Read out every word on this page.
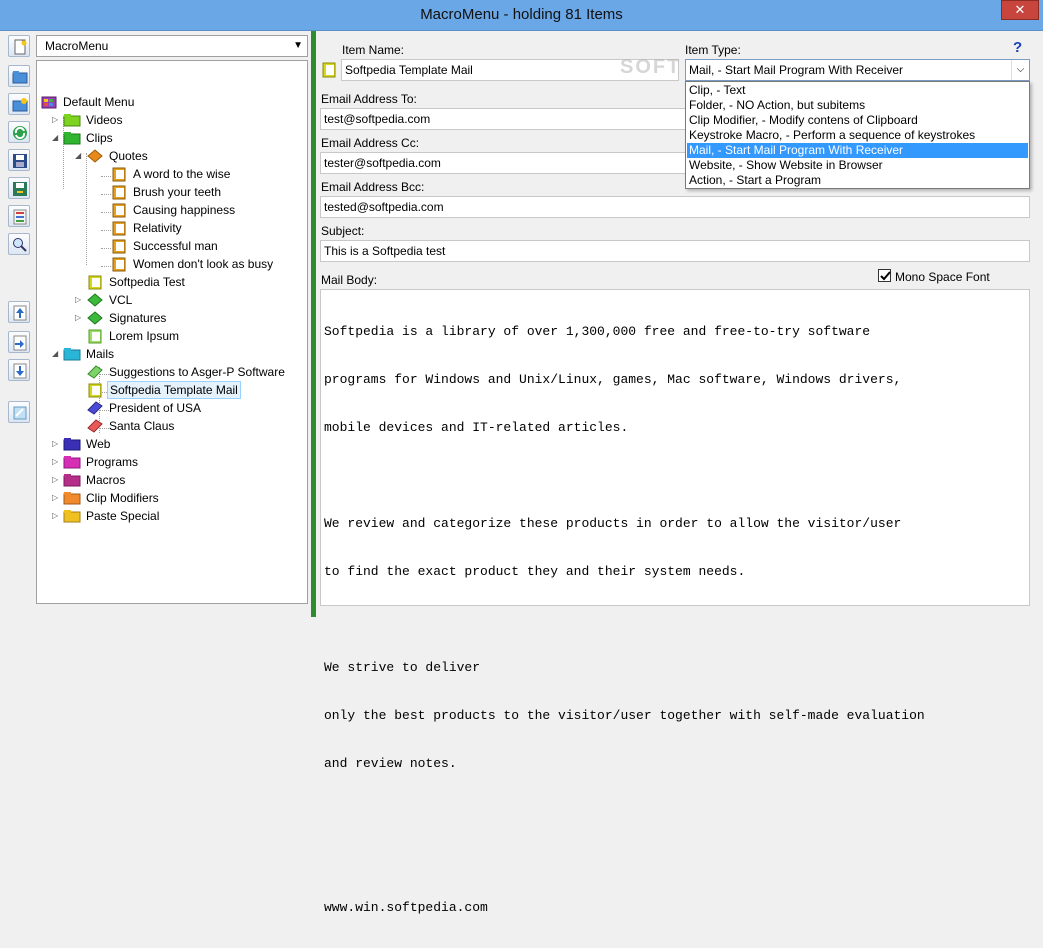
MacroMenu - holding 81 Items	✕
MacroMenu	▼
Default Menu
▷	Videos
◢	Clips
◢	Quotes
A word to the wise
Brush your teeth
Causing happiness
Relativity
Successful man
Women don't look as busy
Softpedia Test
▷	VCL
▷	Signatures
Lorem Ipsum
◢	Mails
Suggestions to Asger-P Software
Softpedia Template Mail
President of USA
Santa Claus
▷	Web
▷	Programs
▷	Macros
▷	Clip Modifiers
▷	Paste Special
Item Name:	Item Type:	?
Softpedia Template Mail	SOFT Mail, - Start Mail Program With Receiver	⌵
Email Address To:
test@softpedia.com
Email Address Cc:
tester@softpedia.com
Email Address Bcc:
tested@softpedia.com
Subject:
This is a Softpedia test
Mail Body:	Mono Space Font

Softpedia is a library of over 1,300,000 free and free-to-try software

programs for Windows and Unix/Linux, games, Mac software, Windows drivers,

mobile devices and IT-related articles.

We review and categorize these products in order to allow the visitor/user

to find the exact product they and their system needs.

We strive to deliver

only the best products to the visitor/user together with self-made evaluation

and review notes.

www.win.softpedia.com

Clip, - Text
Folder, - NO Action, but subitems
Clip Modifier, - Modify contens of Clipboard
Keystroke Macro, - Perform a sequence of keystrokes
Mail, - Start Mail Program With Receiver
Website, - Show Website in Browser
Action, - Start a Program
